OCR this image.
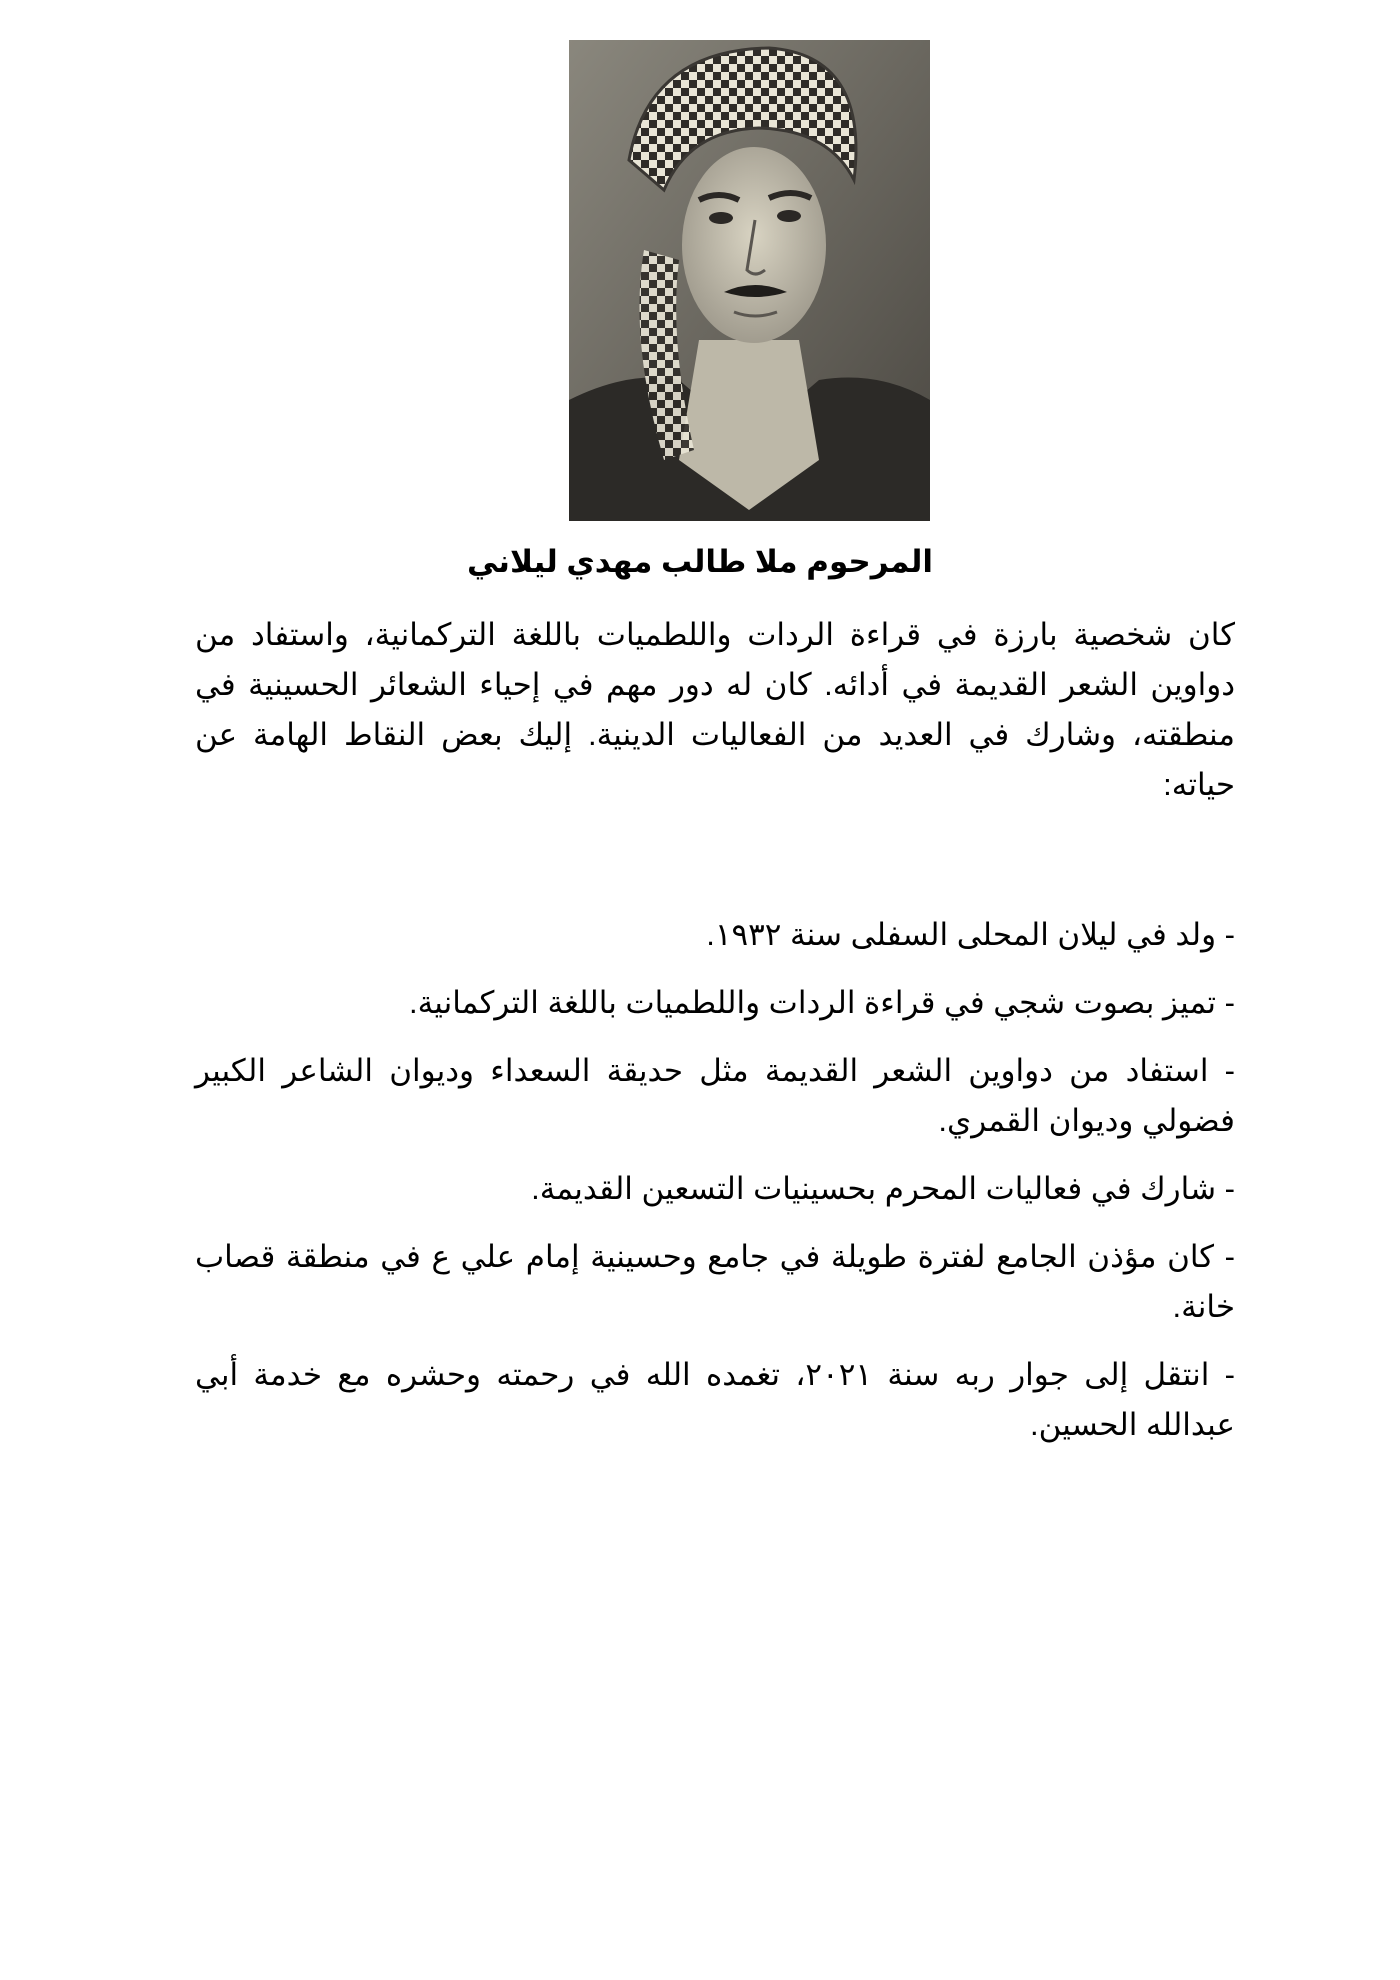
المرحوم ملا طالب مهدي ليلاني
كان شخصية بارزة في قراءة الردات واللطميات باللغة التركمانية، واستفاد من دواوين الشعر القديمة في أدائه. كان له دور مهم في إحياء الشعائر الحسينية في منطقته، وشارك في العديد من الفعاليات الدينية. إليك بعض النقاط الهامة عن حياته:
- ولد في ليلان المحلى السفلى سنة ١٩٣٢.
- تميز بصوت شجي في قراءة الردات واللطميات باللغة التركمانية.
- استفاد من دواوين الشعر القديمة مثل حديقة السعداء وديوان الشاعر الكبير فضولي وديوان القمري.
- شارك في فعاليات المحرم بحسينيات التسعين القديمة.
- كان مؤذن الجامع لفترة طويلة في جامع وحسينية إمام علي ع في منطقة قصاب خانة.
- انتقل إلى جوار ربه سنة ٢٠٢١، تغمده الله في رحمته وحشره مع خدمة أبي عبدالله الحسين.
